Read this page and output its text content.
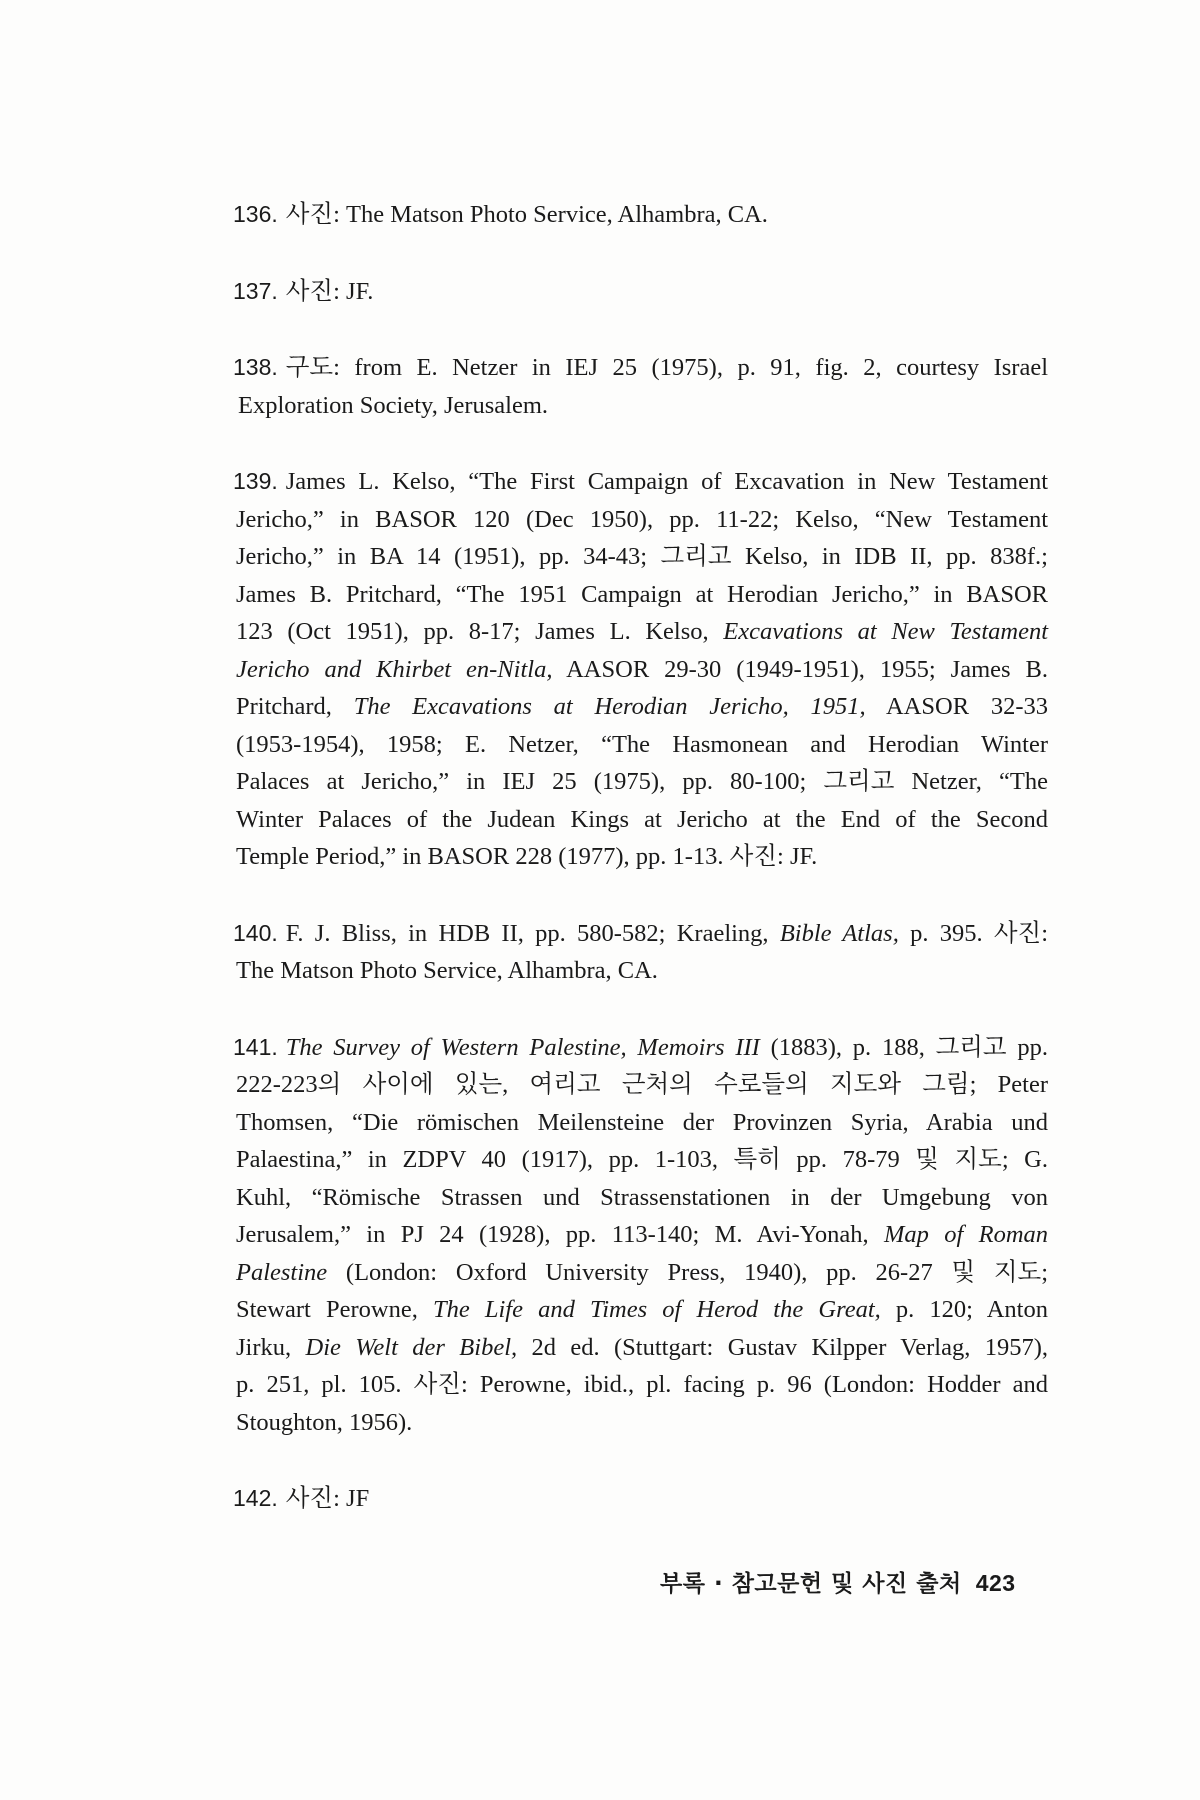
136. 사진: The Matson Photo Service, Alhambra, CA.

137. 사진: JF.

138. 구도: from E. Netzer in IEJ 25 (1975), p. 91, fig. 2, courtesy Israel
Exploration Society, Jerusalem.
139. James L. Kelso, “The First Campaign of Excavation in New Testament
Jericho,” in BASOR 120 (Dec 1950), pp. 11-22; Kelso, “New Testament
Jericho,” in BA 14 (1951), pp. 34-43; 그리고 Kelso, in IDB II, pp. 838f.;
James B. Pritchard, “The 1951 Campaign at Herodian Jericho,” in BASOR
123 (Oct 1951), pp. 8-17; James L. Kelso, Excavations at New Testament
Jericho and Khirbet en-Nitla, AASOR 29-30 (1949-1951), 1955; James B.
Pritchard, The Excavations at Herodian Jericho, 1951, AASOR 32-33
(1953-1954), 1958; E. Netzer, “The Hasmonean and Herodian Winter
Palaces at Jericho,” in IEJ 25 (1975), pp. 80-100; 그리고 Netzer, “The
Winter Palaces of the Judean Kings at Jericho at the End of the Second
Temple Period,” in BASOR 228 (1977), pp. 1-13. 사진: JF.
140. F. J. Bliss, in HDB II, pp. 580-582; Kraeling, Bible Atlas, p. 395. 사진:
The Matson Photo Service, Alhambra, CA.
141. The Survey of Western Palestine, Memoirs III (1883), p. 188, 그리고 pp.
222-223의 사이에 있는, 여리고 근처의 수로들의 지도와 그림; Peter
Thomsen, “Die römischen Meilensteine der Provinzen Syria, Arabia und
Palaestina,” in ZDPV 40 (1917), pp. 1-103, 특히 pp. 78-79 및 지도; G.
Kuhl, “Römische Strassen und Strassenstationen in der Umgebung von
Jerusalem,” in PJ 24 (1928), pp. 113-140; M. Avi-Yonah, Map of Roman
Palestine (London: Oxford University Press, 1940), pp. 26-27 및 지도;
Stewart Perowne, The Life and Times of Herod the Great, p. 120; Anton
Jirku, Die Welt der Bibel, 2d ed. (Stuttgart: Gustav Kilpper Verlag, 1957),
p. 251, pl. 105. 사진: Perowne, ibid., pl. facing p. 96 (London: Hodder and
Stoughton, 1956).

142. 사진: JF

부록 · 참고문헌 및 사진 출처 423
